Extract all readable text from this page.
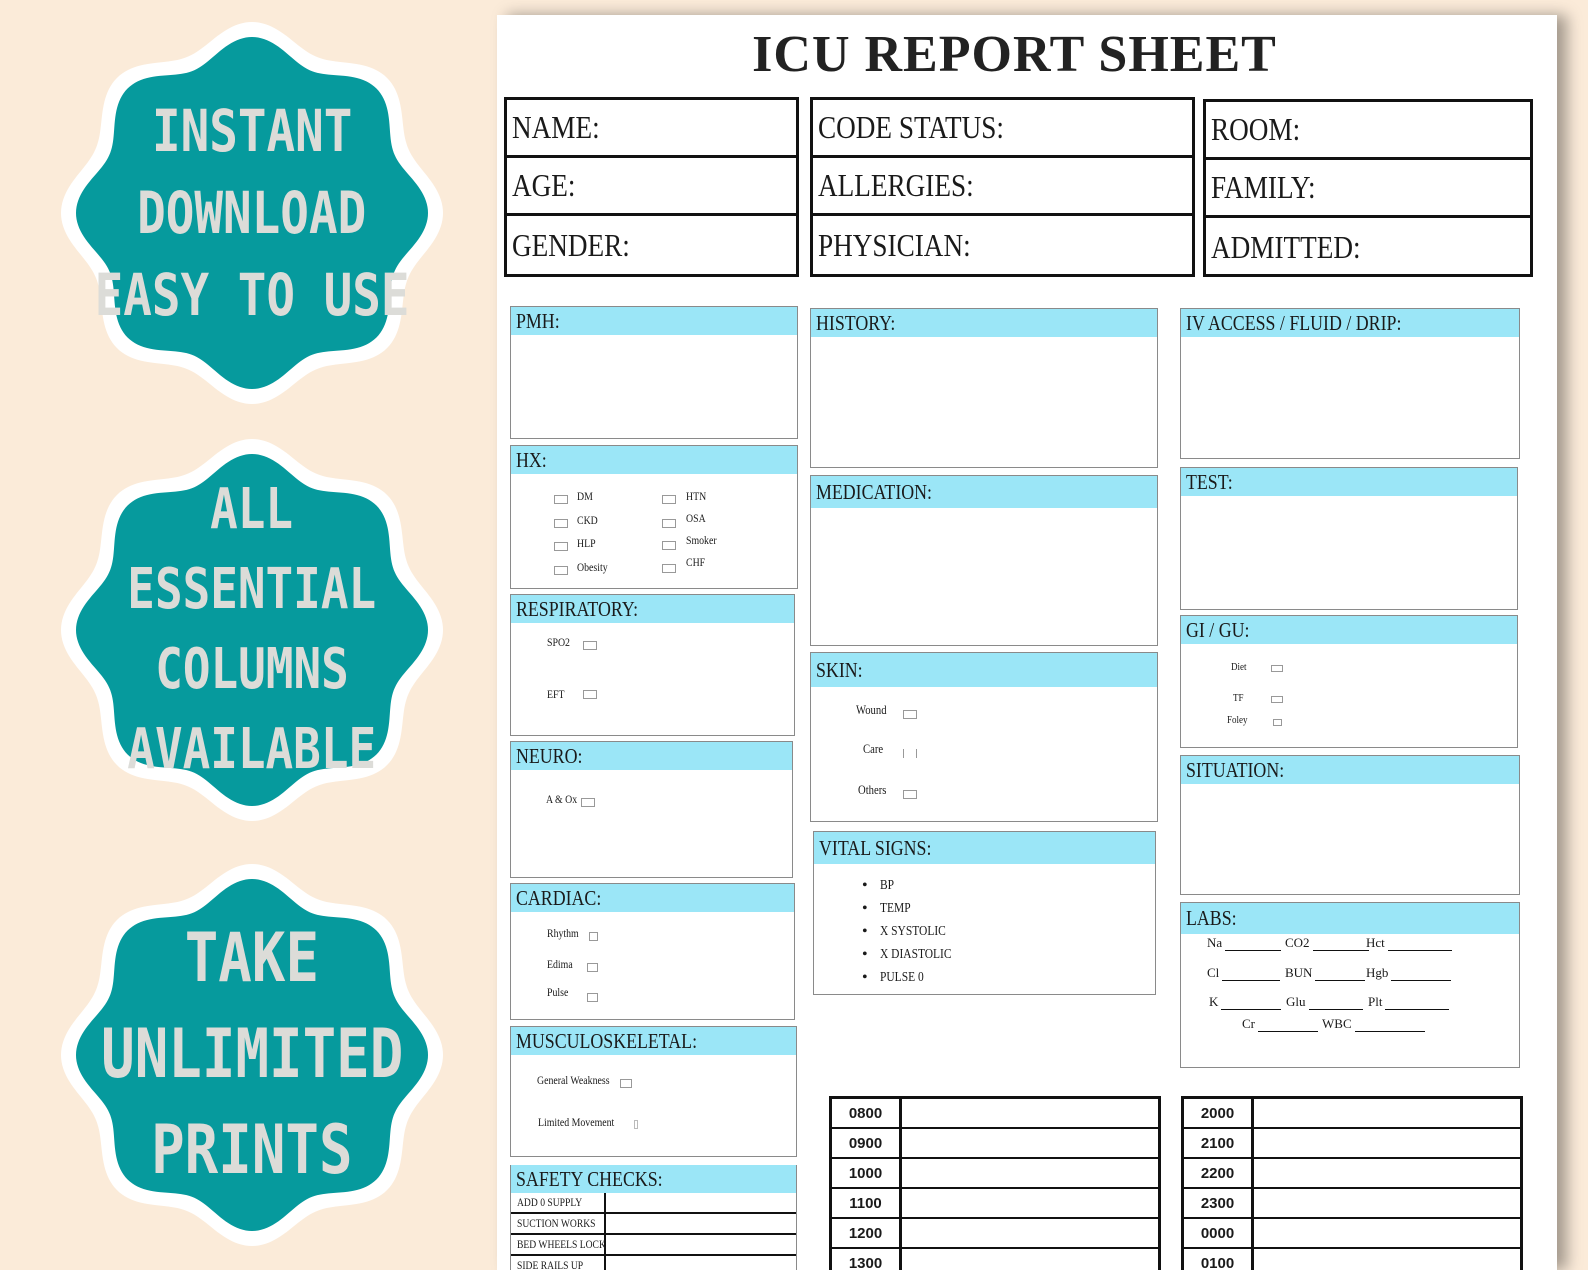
INSTANT
DOWNLOAD
EASY TO USE
ALL
ESSENTIAL
COLUMNS
AVAILABLE
TAKE
UNLIMITED
PRINTS
ICU REPORT SHEET
NAME:
AGE:
GENDER:
CODE STATUS:
ALLERGIES:
PHYSICIAN:
ROOM:
FAMILY:
ADMITTED:
PMH:
HX:
DM
CKD
HLP
Obesity
HTN
OSA
Smoker
CHF
RESPIRATORY:
SPO2
EFT
NEURO:
A & Ox
CARDIAC:
Rhythm
Edima
Pulse
MUSCULOSKELETAL:
General Weakness
Limited Movement
SAFETY CHECKS:
ADD 0 SUPPLY
SUCTION WORKS
BED WHEELS LOCK
SIDE RAILS UP
HISTORY:
MEDICATION:
SKIN:
Wound
Care
Others
VITAL SIGNS:
• BP
• TEMP
• X SYSTOLIC
• X DIASTOLIC
• PULSE 0
IV ACCESS / FLUID / DRIP:
TEST:
GI / GU:
Diet
TF
Foley
SITUATION:
LABS:
Na	CO2	Hct
Cl	BUN	Hgb
K	Glu	Plt
Cr	WBC
0800
0900
1000
1100
1200
1300
2000
2100
2200
2300
0000
0100
